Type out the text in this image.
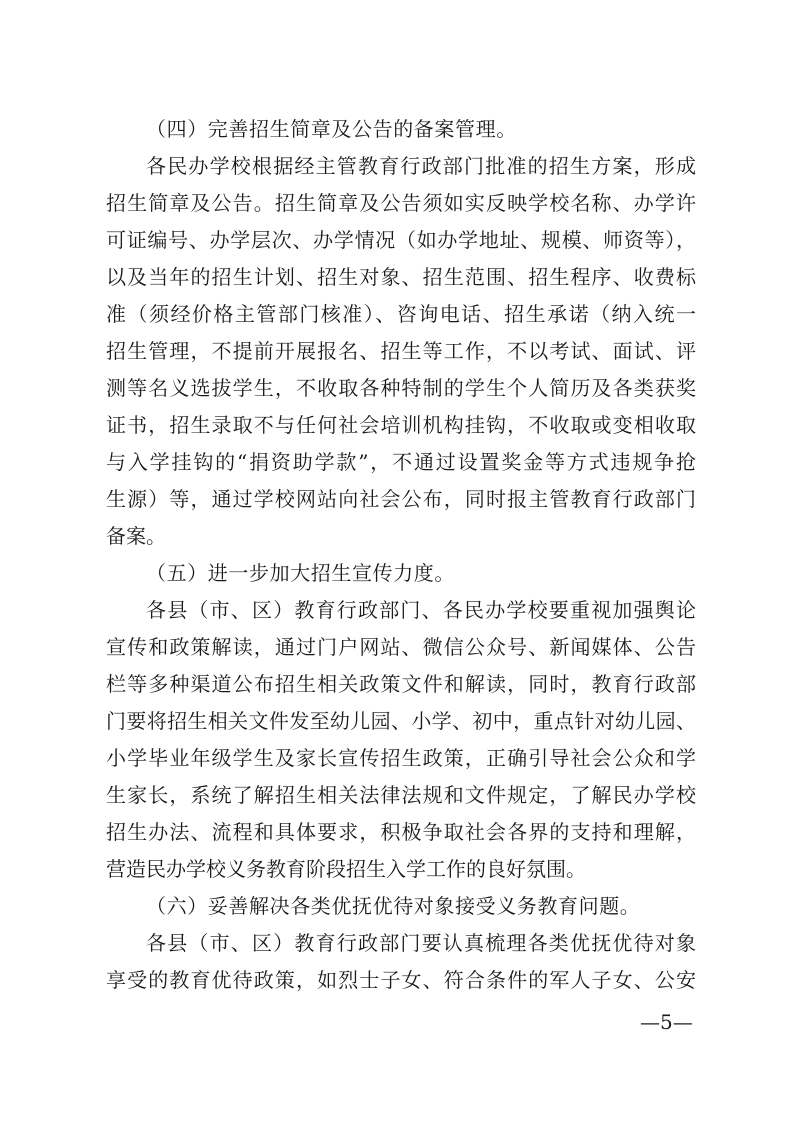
（四）完善招生简章及公告的备案管理。
各民办学校根据经主管教育行政部门批准的招生方案，形成
招生简章及公告。招生简章及公告须如实反映学校名称、办学许
可证编号、办学层次、办学情况（如办学地址、规模、师资等），
以及当年的招生计划、招生对象、招生范围、招生程序、收费标
准（须经价格主管部门核准）、咨询电话、招生承诺（纳入统一
招生管理，不提前开展报名、招生等工作，不以考试、面试、评
测等名义选拔学生，不收取各种特制的学生个人简历及各类获奖
证书，招生录取不与任何社会培训机构挂钩，不收取或变相收取
与入学挂钩的“捐资助学款”，不通过设置奖金等方式违规争抢
生源）等，通过学校网站向社会公布，同时报主管教育行政部门
备案。
（五）进一步加大招生宣传力度。
各县（市、区）教育行政部门、各民办学校要重视加强舆论
宣传和政策解读，通过门户网站、微信公众号、新闻媒体、公告
栏等多种渠道公布招生相关政策文件和解读，同时，教育行政部
门要将招生相关文件发至幼儿园、小学、初中，重点针对幼儿园、
小学毕业年级学生及家长宣传招生政策，正确引导社会公众和学
生家长，系统了解招生相关法律法规和文件规定，了解民办学校
招生办法、流程和具体要求，积极争取社会各界的支持和理解，
营造民办学校义务教育阶段招生入学工作的良好氛围。
（六）妥善解决各类优抚优待对象接受义务教育问题。
各县（市、区）教育行政部门要认真梳理各类优抚优待对象
享受的教育优待政策，如烈士子女、符合条件的军人子女、公安
—5—
